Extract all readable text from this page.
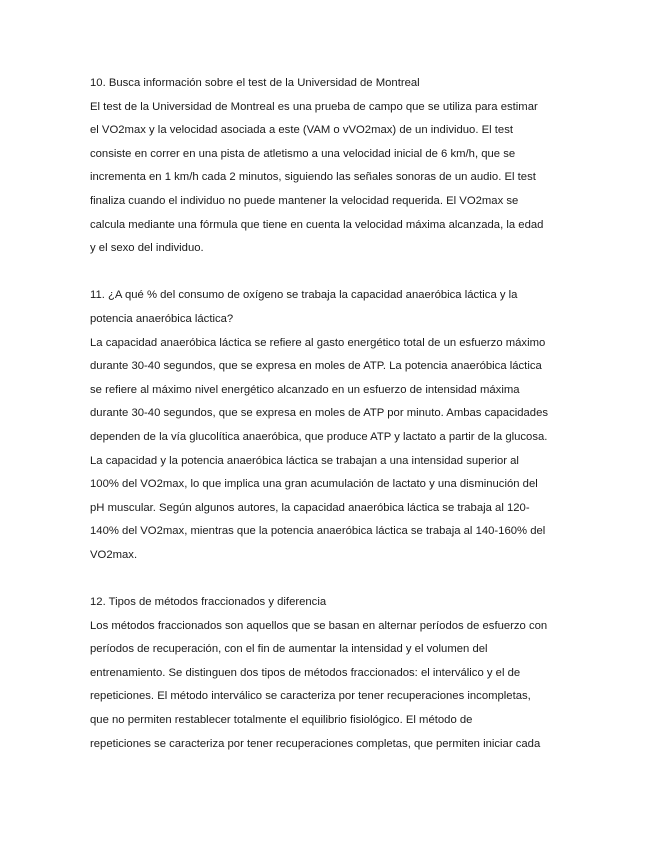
10. Busca información sobre el test de la Universidad de Montreal
El test de la Universidad de Montreal es una prueba de campo que se utiliza para estimar
el VO2max y la velocidad asociada a este (VAM o vVO2max) de un individuo. El test
consiste en correr en una pista de atletismo a una velocidad inicial de 6 km/h, que se
incrementa en 1 km/h cada 2 minutos, siguiendo las señales sonoras de un audio. El test
finaliza cuando el individuo no puede mantener la velocidad requerida. El VO2max se
calcula mediante una fórmula que tiene en cuenta la velocidad máxima alcanzada, la edad
y el sexo del individuo.
11. ¿A qué % del consumo de oxígeno se trabaja la capacidad anaeróbica láctica y la
potencia anaeróbica láctica?
La capacidad anaeróbica láctica se refiere al gasto energético total de un esfuerzo máximo
durante 30-40 segundos, que se expresa en moles de ATP. La potencia anaeróbica láctica
se refiere al máximo nivel energético alcanzado en un esfuerzo de intensidad máxima
durante 30-40 segundos, que se expresa en moles de ATP por minuto. Ambas capacidades
dependen de la vía glucolítica anaeróbica, que produce ATP y lactato a partir de la glucosa.
La capacidad y la potencia anaeróbica láctica se trabajan a una intensidad superior al
100% del VO2max, lo que implica una gran acumulación de lactato y una disminución del
pH muscular. Según algunos autores, la capacidad anaeróbica láctica se trabaja al 120-
140% del VO2max, mientras que la potencia anaeróbica láctica se trabaja al 140-160% del
VO2max.
12. Tipos de métodos fraccionados y diferencia
Los métodos fraccionados son aquellos que se basan en alternar períodos de esfuerzo con
períodos de recuperación, con el fin de aumentar la intensidad y el volumen del
entrenamiento. Se distinguen dos tipos de métodos fraccionados: el interválico y el de
repeticiones. El método interválico se caracteriza por tener recuperaciones incompletas,
que no permiten restablecer totalmente el equilibrio fisiológico. El método de
repeticiones se caracteriza por tener recuperaciones completas, que permiten iniciar cada
